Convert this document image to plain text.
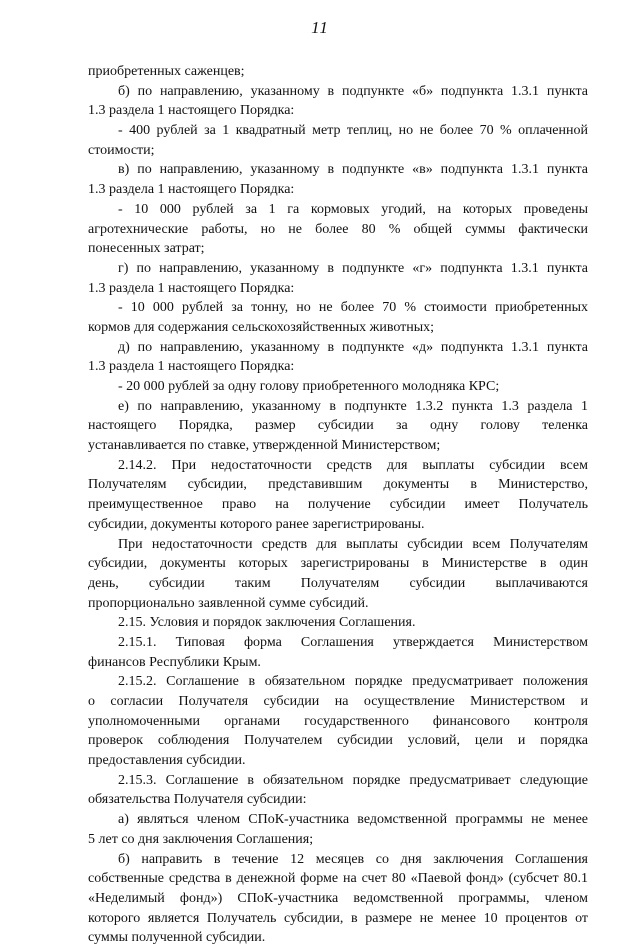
11
приобретенных саженцев;
б) по направлению, указанному в подпункте «б» подпункта 1.3.1 пункта
1.3 раздела 1 настоящего Порядка:
- 400 рублей за 1 квадратный метр теплиц, но не более 70 % оплаченной
стоимости;
в) по направлению, указанному в подпункте «в» подпункта 1.3.1 пункта
1.3 раздела 1 настоящего Порядка:
- 10 000 рублей за 1 га кормовых угодий, на которых проведены
агротехнические работы, но не более 80 % общей суммы фактически
понесенных затрат;
г) по направлению, указанному в подпункте «г» подпункта 1.3.1 пункта
1.3 раздела 1 настоящего Порядка:
- 10 000 рублей за тонну, но не более 70 % стоимости приобретенных
кормов для содержания сельскохозяйственных животных;
д) по направлению, указанному в подпункте «д» подпункта 1.3.1 пункта
1.3 раздела 1 настоящего Порядка:
- 20 000 рублей за одну голову приобретенного молодняка КРС;
е) по направлению, указанному в подпункте 1.3.2 пункта 1.3 раздела 1
настоящего Порядка, размер субсидии за одну голову теленка
устанавливается по ставке, утвержденной Министерством;
2.14.2. При недостаточности средств для выплаты субсидии всем
Получателям субсидии, представившим документы в Министерство,
преимущественное право на получение субсидии имеет Получатель
субсидии, документы которого ранее зарегистрированы.
При недостаточности средств для выплаты субсидии всем Получателям
субсидии, документы которых зарегистрированы в Министерстве в один
день, субсидии таким Получателям субсидии выплачиваются
пропорционально заявленной сумме субсидий.
2.15. Условия и порядок заключения Соглашения.
2.15.1. Типовая форма Соглашения утверждается Министерством
финансов Республики Крым.
2.15.2. Соглашение в обязательном порядке предусматривает положения
о согласии Получателя субсидии на осуществление Министерством и
уполномоченными органами государственного финансового контроля
проверок соблюдения Получателем субсидии условий, цели и порядка
предоставления субсидии.
2.15.3. Соглашение в обязательном порядке предусматривает следующие
обязательства Получателя субсидии:
а) являться членом СПоК-участника ведомственной программы не менее
5 лет со дня заключения Соглашения;
б) направить в течение 12 месяцев со дня заключения Соглашения
собственные средства в денежной форме на счет 80 «Паевой фонд» (субсчет 80.1
«Неделимый фонд») СПоК-участника ведомственной программы, членом
которого является Получатель субсидии, в размере не менее 10 процентов от
суммы полученной субсидии.
